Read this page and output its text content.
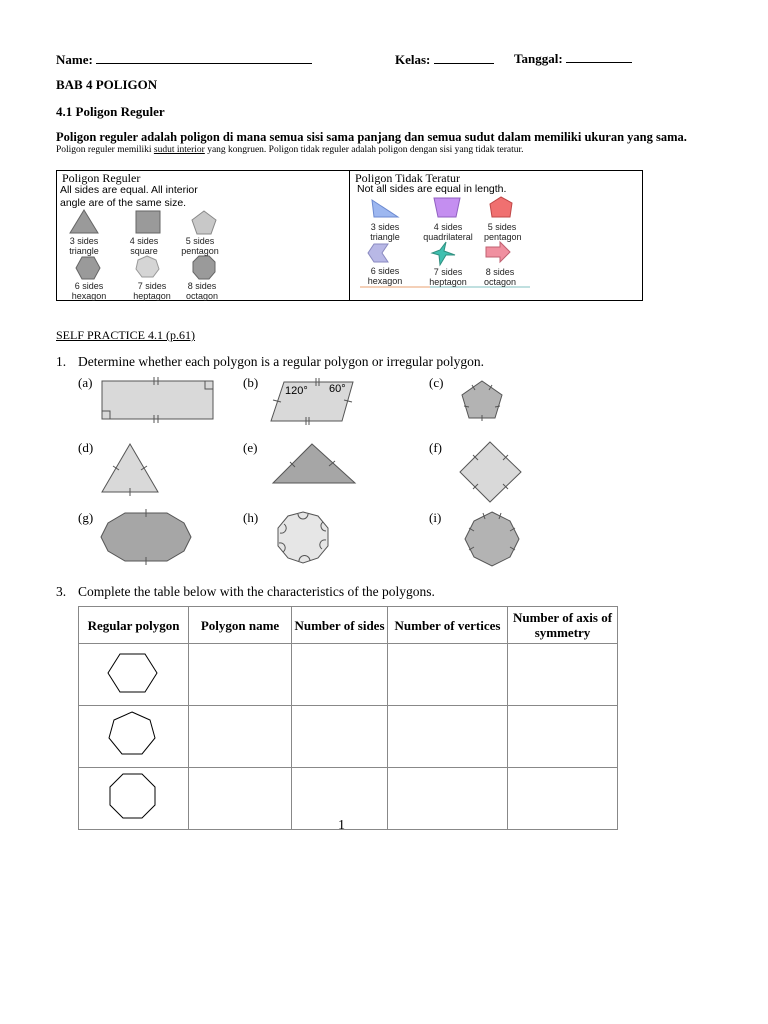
Name:	Kelas:	Tanggal:
BAB 4 POLIGON
4.1 Poligon Reguler
Poligon reguler adalah poligon di mana semua sisi sama panjang dan semua sudut dalam memiliki ukuran yang sama.
Poligon reguler memiliki sudut interior yang kongruen. Poligon tidak reguler adalah poligon dengan sisi yang tidak teratur.
Poligon Reguler
All sides are equal. All interior
angle are of the same size.
3 sides
triangle
4 sides
square
5 sides
pentagon
6 sides
hexagon
7 sides
heptagon
8 sides
octagon
Poligon Tidak Teratur
Not all sides are equal in length.
3 sides
triangle
4 sides
quadrilateral
5 sides
pentagon
6 sides
hexagon
7 sides
heptagon
8 sides
octagon
SELF PRACTICE 4.1 (p.61)
1. Determine whether each polygon is a regular polygon or irregular polygon.
(a)	(b)	(c)
(d)	(e)	(f)
(g)	(h)	(i)
120° 60°
3. Complete the table below with the characteristics of the polygons.
Regular polygon	Polygon name	Number of sides	Number of vertices	Number of axis of symmetry

1
